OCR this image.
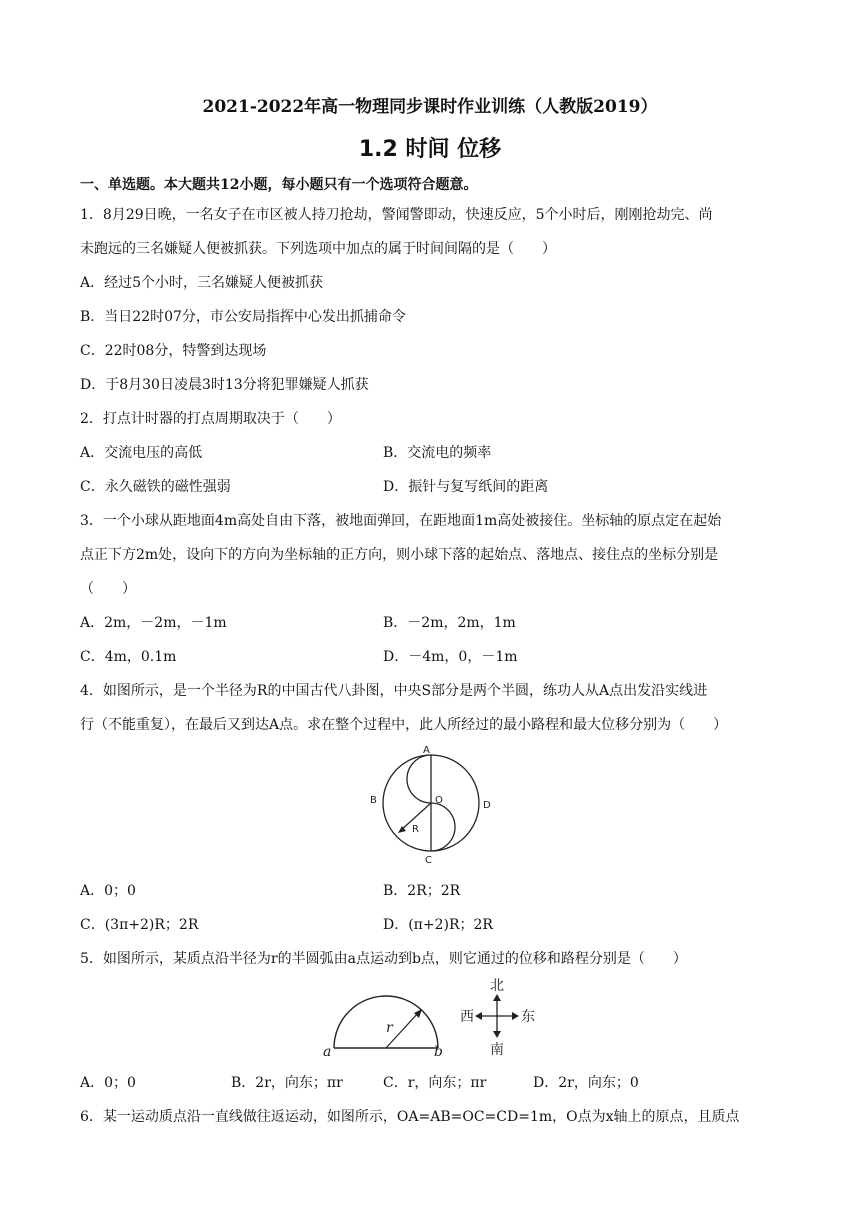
2021-2022年高一物理同步课时作业训练（人教版2019）
1.2 时间 位移
一、单选题。本大题共12小题，每小题只有一个选项符合题意。
1．8月29日晚，一名女子在市区被人持刀抢劫，警闻警即动，快速反应，5个小时后，刚刚抢劫完、尚
未跑远的三名嫌疑人便被抓获。下列选项中加点的属于时间间隔的是（　　）
A．经过5个小时，三名嫌疑人便被抓获
B．当日22时07分，市公安局指挥中心发出抓捕命令
C．22时08分，特警到达现场
D．于8月30日凌晨3时13分将犯罪嫌疑人抓获
2．打点计时器的打点周期取决于（　　）
A．交流电压的高低	B．交流电的频率
C．永久磁铁的磁性强弱	D．振针与复写纸间的距离
3．一个小球从距地面4m高处自由下落，被地面弹回，在距地面1m高处被接住。坐标轴的原点定在起始
点正下方2m处，设向下的方向为坐标轴的正方向，则小球下落的起始点、落地点、接住点的坐标分别是
（　　）
A．2m，－2m，－1m	B．－2m，2m，1m
C．4m，0.1m	D．－4m，0，－1m
4．如图所示，是一个半径为R的中国古代八卦图，中央S部分是两个半圆，练功人从A点出发沿实线进
行（不能重复），在最后又到达A点。求在整个过程中，此人所经过的最小路程和最大位移分别为（　　）
A
B
C
D
O
R
A．0；0	B．2R；2R
C．(3π+2)R；2R	D．(π+2)R；2R
5．如图所示，某质点沿半径为r的半圆弧由a点运动到b点，则它通过的位移和路程分别是（　　）
a	b
r
北
南
西	东
A．0；0	B．2r，向东；πr	C．r，向东；πr	D．2r，向东；0
6．某一运动质点沿一直线做往返运动，如图所示，OA=AB=OC=CD=1m，O点为x轴上的原点，且质点
